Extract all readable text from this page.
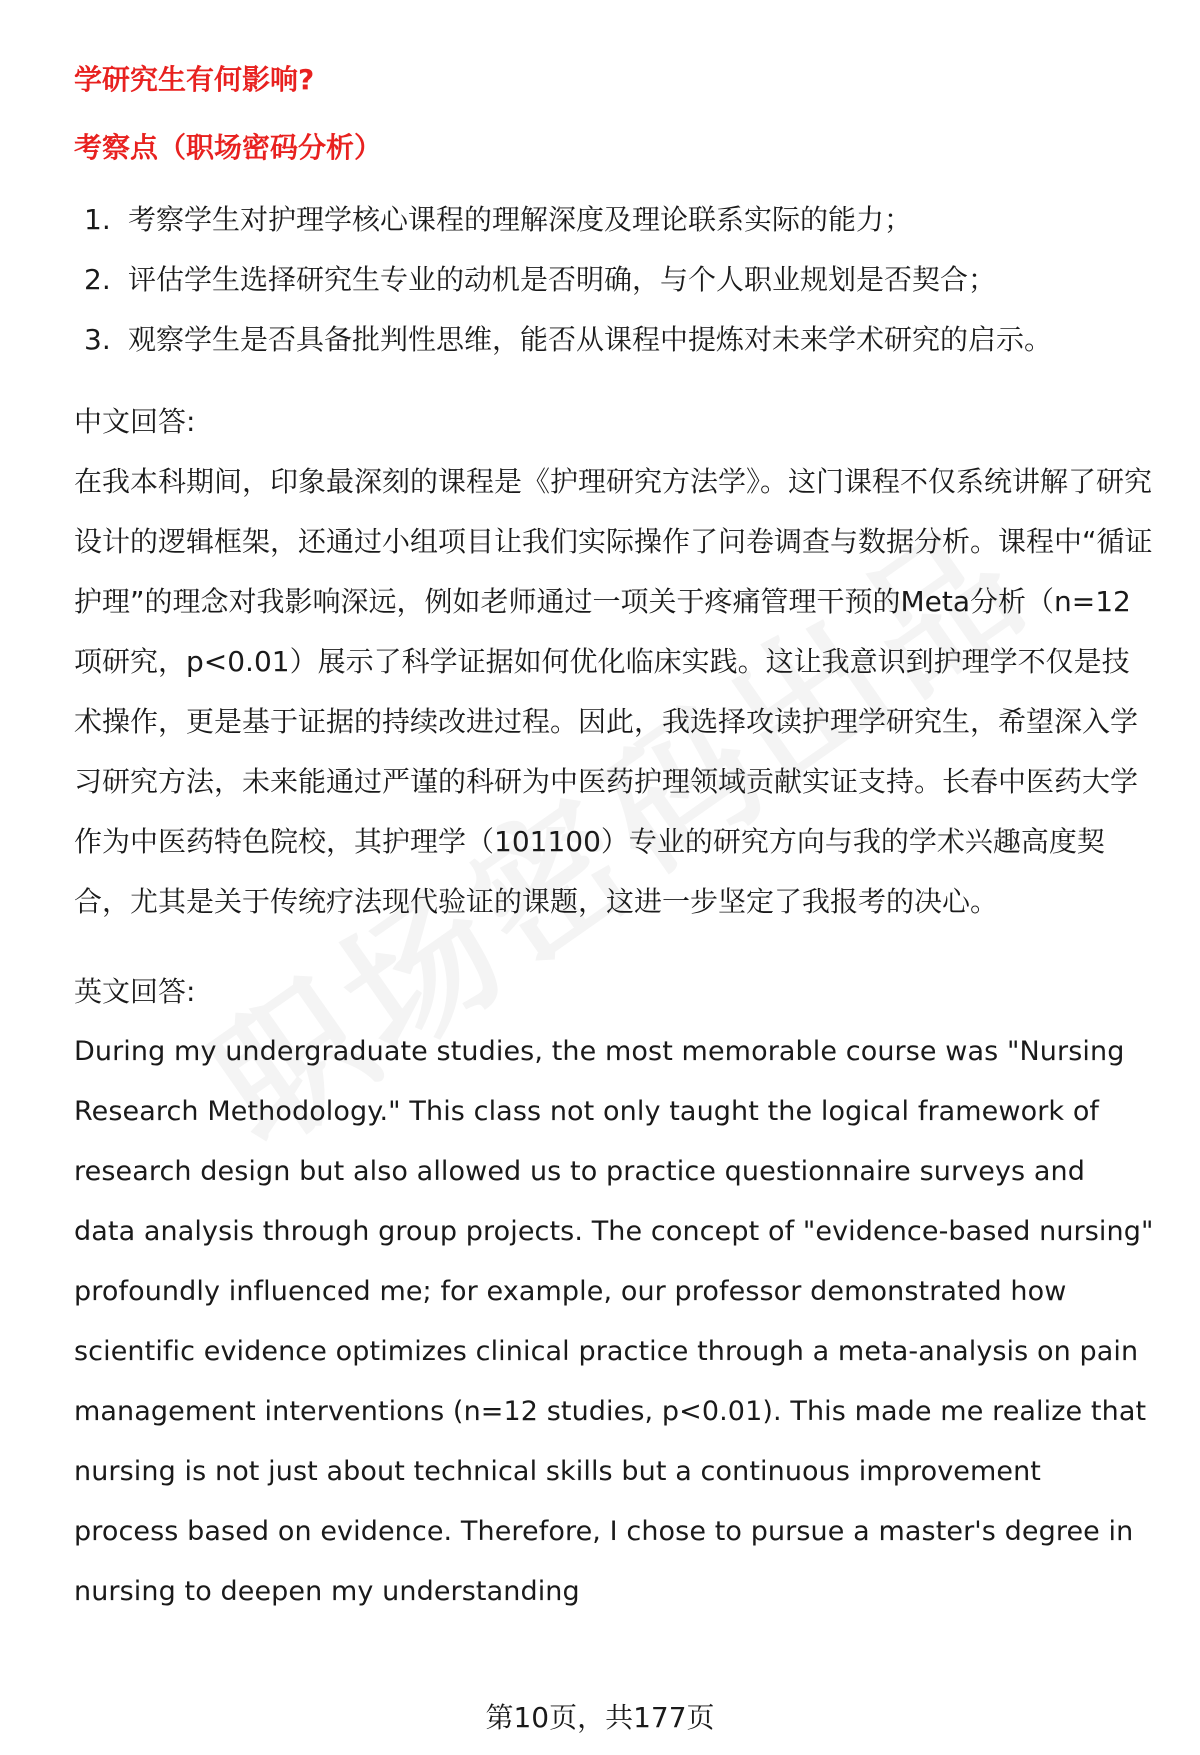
学研究生有何影响?

考察点（职场密码分析）

1. 考察学生对护理学核心课程的理解深度及理论联系实际的能力；
2. 评估学生选择研究生专业的动机是否明确，与个人职业规划是否契合；
3. 观察学生是否具备批判性思维，能否从课程中提炼对未来学术研究的启示。

中文回答:

在我本科期间，印象最深刻的课程是《护理研究方法学》。这门课程不仅系统讲解了研究设计的逻辑框架，还通过小组项目让我们实际操作了问卷调查与数据分析。课程中“循证护理”的理念对我影响深远，例如老师通过一项关于疼痛管理干预的Meta分析（n=12项研究，p<0.01）展示了科学证据如何优化临床实践。这让我意识到护理学不仅是技术操作，更是基于证据的持续改进过程。因此，我选择攻读护理学研究生，希望深入学习研究方法，未来能通过严谨的科研为中医药护理领域贡献实证支持。长春中医药大学作为中医药特色院校，其护理学（101100）专业的研究方向与我的学术兴趣高度契合，尤其是关于传统疗法现代验证的课题，这进一步坚定了我报考的决心。

英文回答:

During my undergraduate studies, the most memorable course was "Nursing Research Methodology." This class not only taught the logical framework of research design but also allowed us to practice questionnaire surveys and data analysis through group projects. The concept of "evidence-based nursing" profoundly influenced me; for example, our professor demonstrated how scientific evidence optimizes clinical practice through a meta-analysis on pain management interventions (n=12 studies, p<0.01). This made me realize that nursing is not just about technical skills but a continuous improvement process based on evidence. Therefore, I chose to pursue a master's degree in nursing to deepen my understanding

第10页，共177页
